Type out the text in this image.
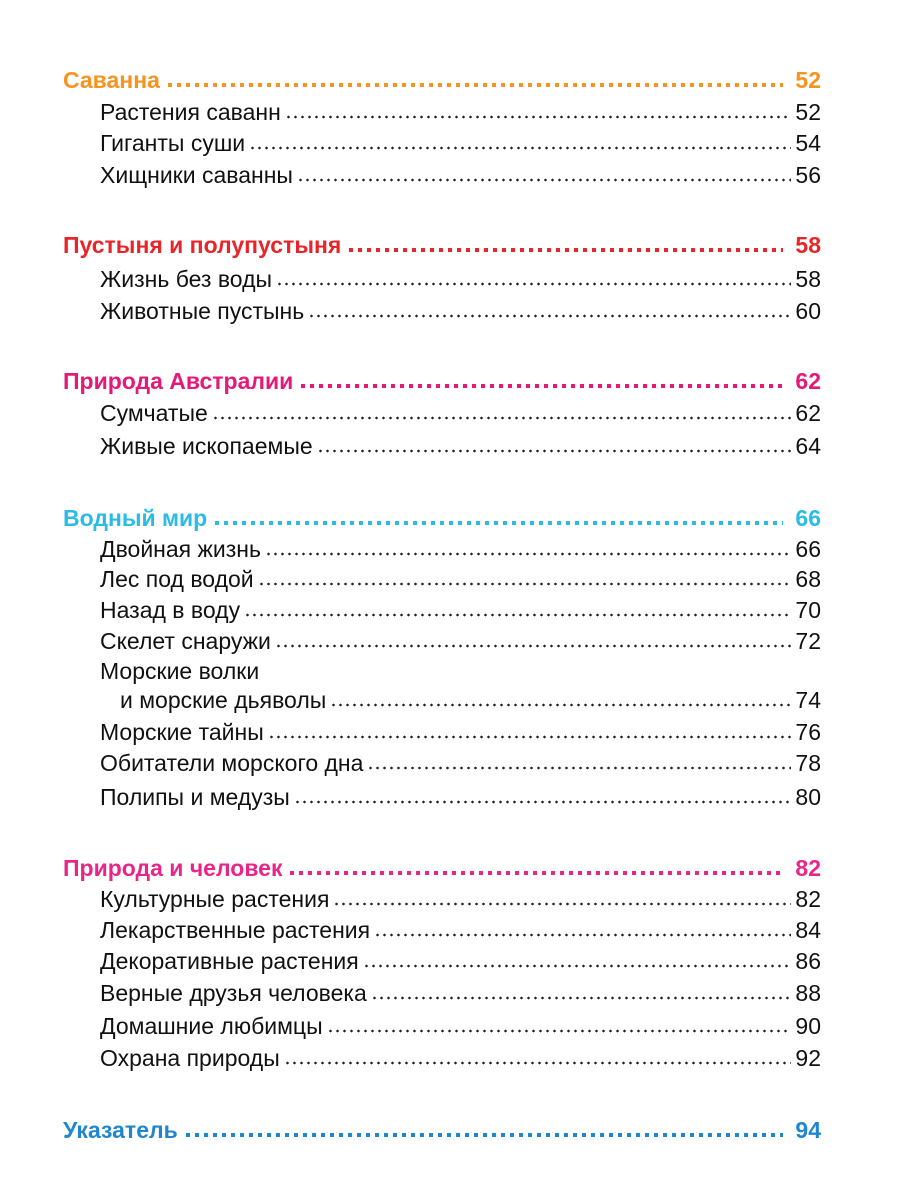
Саванна	52
Растения саванн	52
Гиганты суши	54
Хищники саванны	56
Пустыня и полупустыня	58
Жизнь без воды	58
Животные пустынь	60
Природа Австралии	62
Сумчатые	62
Живые ископаемые	64
Водный мир	66
Двойная жизнь	66
Лес под водой	68
Назад в воду	70
Скелет снаружи	72
Морские волки
и морские дьяволы	74
Морские тайны	76
Обитатели морского дна	78
Полипы и медузы	80
Природа и человек	82
Культурные растения	82
Лекарственные растения	84
Декоративные растения	86
Верные друзья человека	88
Домашние любимцы	90
Охрана природы	92
Указатель	94
